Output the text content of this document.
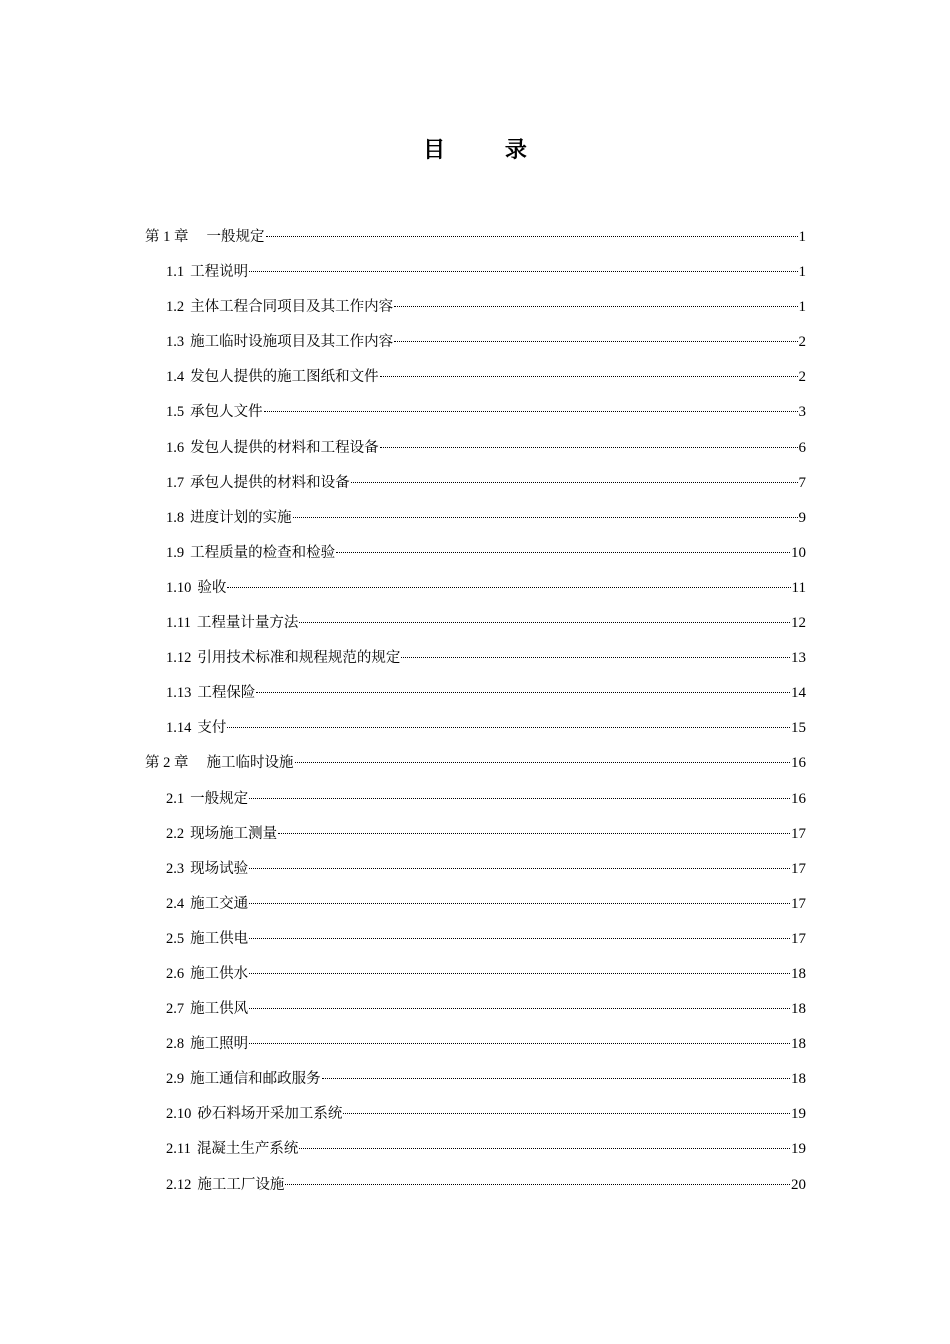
目 录
第 1 章 一般规定	1
1.1 工程说明	1
1.2 主体工程合同项目及其工作内容	1
1.3 施工临时设施项目及其工作内容	2
1.4 发包人提供的施工图纸和文件	2
1.5 承包人文件	3
1.6 发包人提供的材料和工程设备	6
1.7 承包人提供的材料和设备	7
1.8 进度计划的实施	9
1.9 工程质量的检查和检验	10
1.10 验收	11
1.11 工程量计量方法	12
1.12 引用技术标准和规程规范的规定	13
1.13 工程保险	14
1.14 支付	15
第 2 章 施工临时设施	16
2.1 一般规定	16
2.2 现场施工测量	17
2.3 现场试验	17
2.4 施工交通	17
2.5 施工供电	17
2.6 施工供水	18
2.7 施工供风	18
2.8 施工照明	18
2.9 施工通信和邮政服务	18
2.10 砂石料场开采加工系统	19
2.11 混凝土生产系统	19
2.12 施工工厂设施	20
